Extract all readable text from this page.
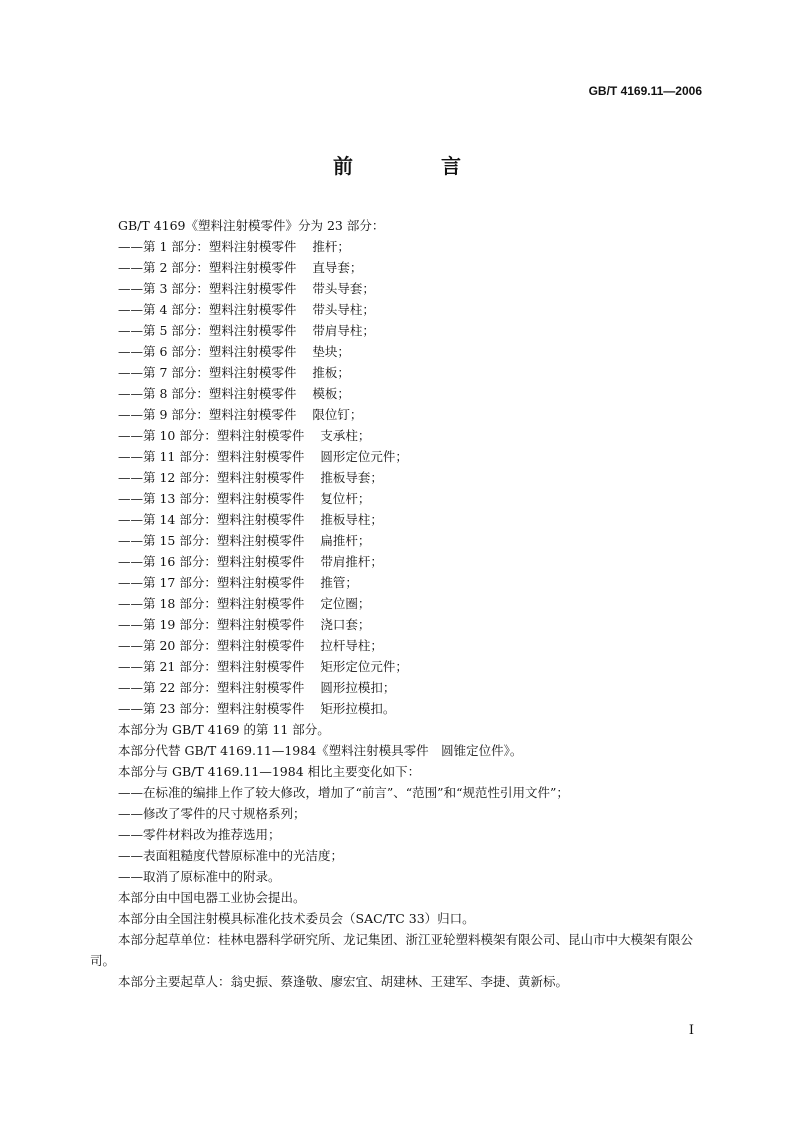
GB/T 4169.11—2006
前　言
GB/T 4169《塑料注射模零件》分为 23 部分：
——第 1 部分：塑料注射模零件 推杆；
——第 2 部分：塑料注射模零件 直导套；
——第 3 部分：塑料注射模零件 带头导套；
——第 4 部分：塑料注射模零件 带头导柱；
——第 5 部分：塑料注射模零件 带肩导柱；
——第 6 部分：塑料注射模零件 垫块；
——第 7 部分：塑料注射模零件 推板；
——第 8 部分：塑料注射模零件 模板；
——第 9 部分：塑料注射模零件 限位钉；
——第 10 部分：塑料注射模零件 支承柱；
——第 11 部分：塑料注射模零件 圆形定位元件；
——第 12 部分：塑料注射模零件 推板导套；
——第 13 部分：塑料注射模零件 复位杆；
——第 14 部分：塑料注射模零件 推板导柱；
——第 15 部分：塑料注射模零件 扁推杆；
——第 16 部分：塑料注射模零件 带肩推杆；
——第 17 部分：塑料注射模零件 推管；
——第 18 部分：塑料注射模零件 定位圈；
——第 19 部分：塑料注射模零件 浇口套；
——第 20 部分：塑料注射模零件 拉杆导柱；
——第 21 部分：塑料注射模零件 矩形定位元件；
——第 22 部分：塑料注射模零件 圆形拉模扣；
——第 23 部分：塑料注射模零件 矩形拉模扣。
本部分为 GB/T 4169 的第 11 部分。
本部分代替 GB/T 4169.11—1984《塑料注射模具零件　圆锥定位件》。
本部分与 GB/T 4169.11—1984 相比主要变化如下：
——在标准的编排上作了较大修改，增加了“前言”、“范围”和“规范性引用文件”；
——修改了零件的尺寸规格系列；
——零件材料改为推荐选用；
——表面粗糙度代替原标准中的光洁度；
——取消了原标准中的附录。
本部分由中国电器工业协会提出。
本部分由全国注射模具标准化技术委员会（SAC/TC 33）归口。
本部分起草单位：桂林电器科学研究所、龙记集团、浙江亚轮塑料模架有限公司、昆山市中大模架有限公司。
本部分主要起草人：翁史振、蔡逢敬、廖宏宜、胡建林、王建军、李捷、黄新标。
I
